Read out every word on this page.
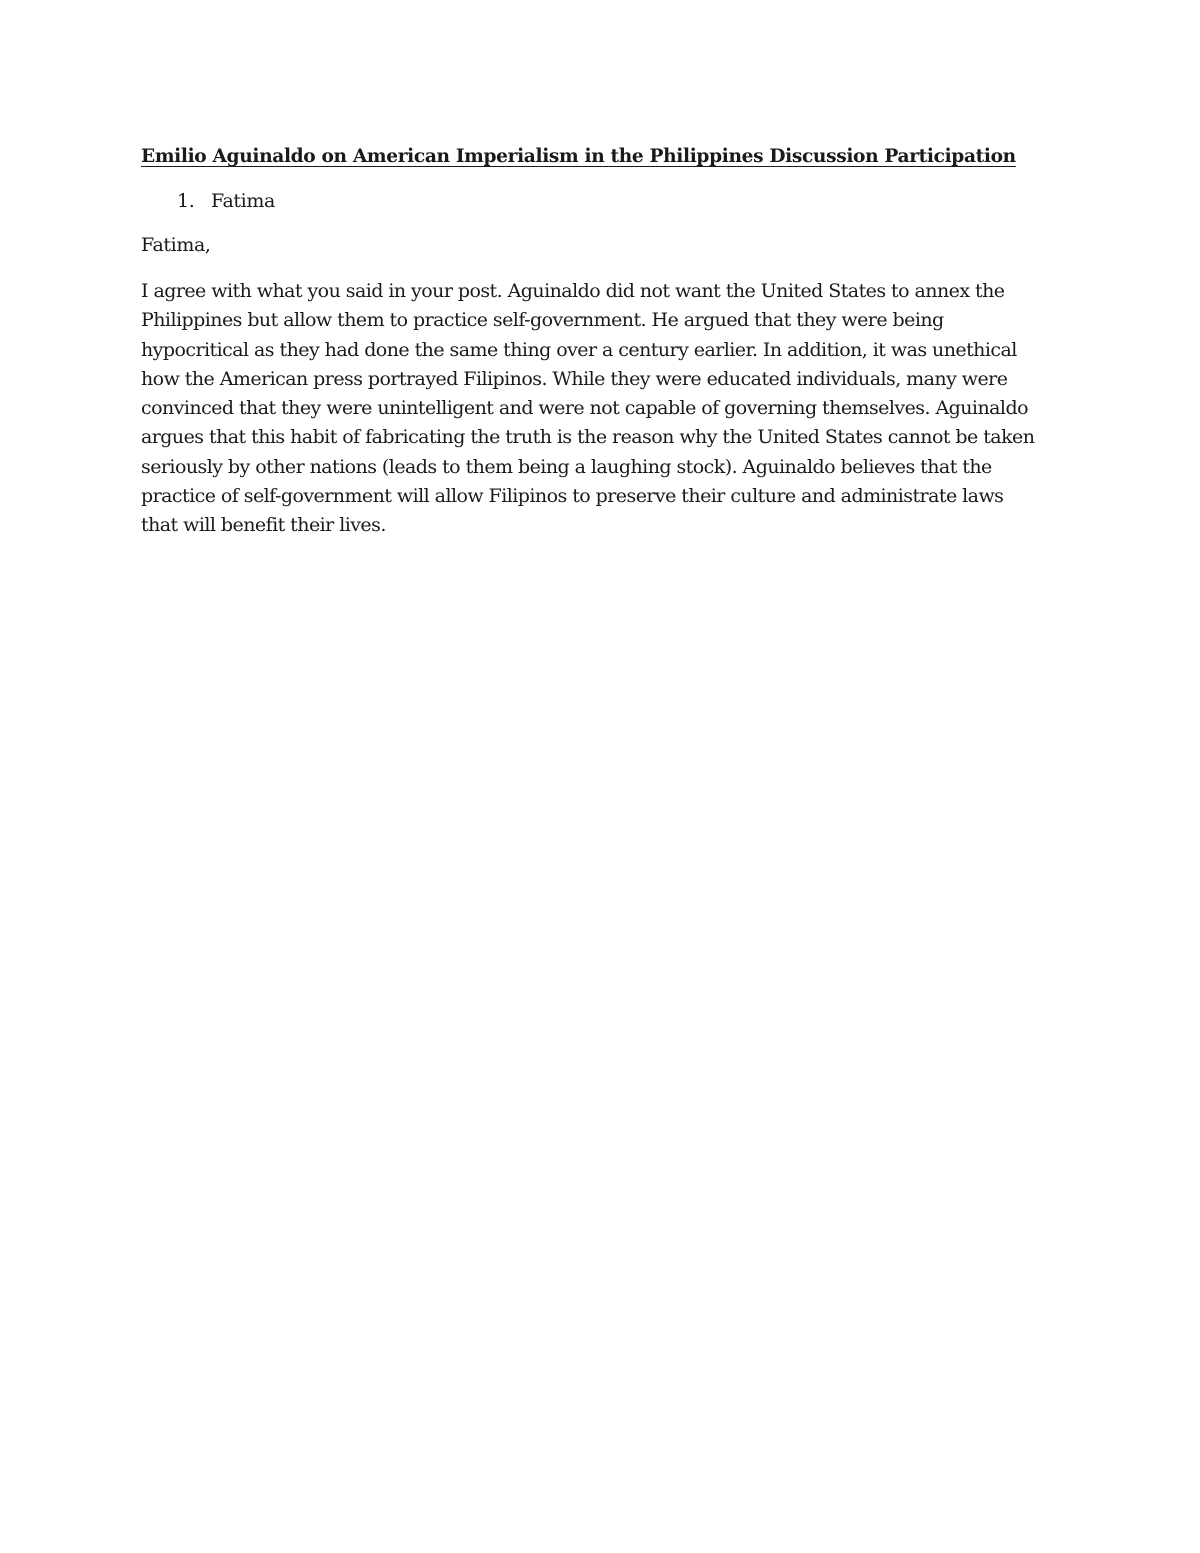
Emilio Aguinaldo on American Imperialism in the Philippines Discussion Participation
1. Fatima

Fatima,

I agree with what you said in your post. Aguinaldo did not want the United States to annex the
Philippines but allow them to practice self-government. He argued that they were being
hypocritical as they had done the same thing over a century earlier. In addition, it was unethical
how the American press portrayed Filipinos. While they were educated individuals, many were
convinced that they were unintelligent and were not capable of governing themselves. Aguinaldo
argues that this habit of fabricating the truth is the reason why the United States cannot be taken
seriously by other nations (leads to them being a laughing stock). Aguinaldo believes that the
practice of self-government will allow Filipinos to preserve their culture and administrate laws
that will benefit their lives.
